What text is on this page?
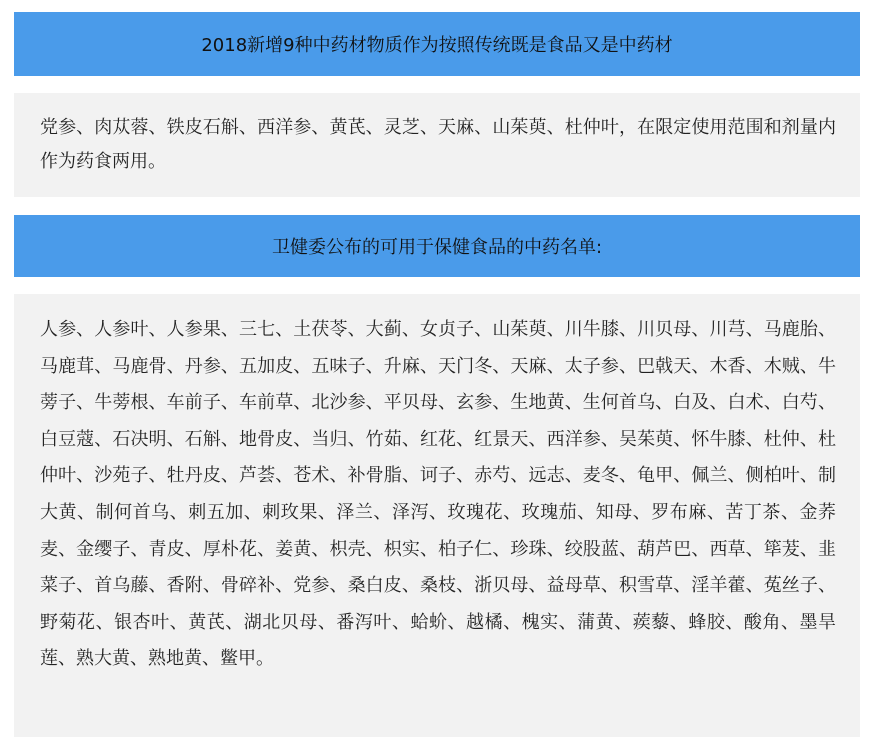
2018新增9种中药材物质作为按照传统既是食品又是中药材

党参、肉苁蓉、铁皮石斛、西洋参、黄芪、灵芝、天麻、山茱萸、杜仲叶，在限定使用范围和剂量内作为药食两用。

卫健委公布的可用于保健食品的中药名单:

人参、人参叶、人参果、三七、土茯苓、大蓟、女贞子、山茱萸、川牛膝、川贝母、川芎、马鹿胎、马鹿茸、马鹿骨、丹参、五加皮、五味子、升麻、天门冬、天麻、太子参、巴戟天、木香、木贼、牛蒡子、牛蒡根、车前子、车前草、北沙参、平贝母、玄参、生地黄、生何首乌、白及、白术、白芍、白豆蔻、石决明、石斛、地骨皮、当归、竹茹、红花、红景天、西洋参、吴茱萸、怀牛膝、杜仲、杜仲叶、沙苑子、牡丹皮、芦荟、苍术、补骨脂、诃子、赤芍、远志、麦冬、龟甲、佩兰、侧柏叶、制大黄、制何首乌、刺五加、刺玫果、泽兰、泽泻、玫瑰花、玫瑰茄、知母、罗布麻、苦丁茶、金荞麦、金缨子、青皮、厚朴花、姜黄、枳壳、枳实、柏子仁、珍珠、绞股蓝、葫芦巴、西草、筚茇、韭菜子、首乌藤、香附、骨碎补、党参、桑白皮、桑枝、浙贝母、益母草、积雪草、淫羊藿、菟丝子、野菊花、银杏叶、黄芪、湖北贝母、番泻叶、蛤蚧、越橘、槐实、蒲黄、蒺藜、蜂胶、酸角、墨旱莲、熟大黄、熟地黄、鳖甲。
